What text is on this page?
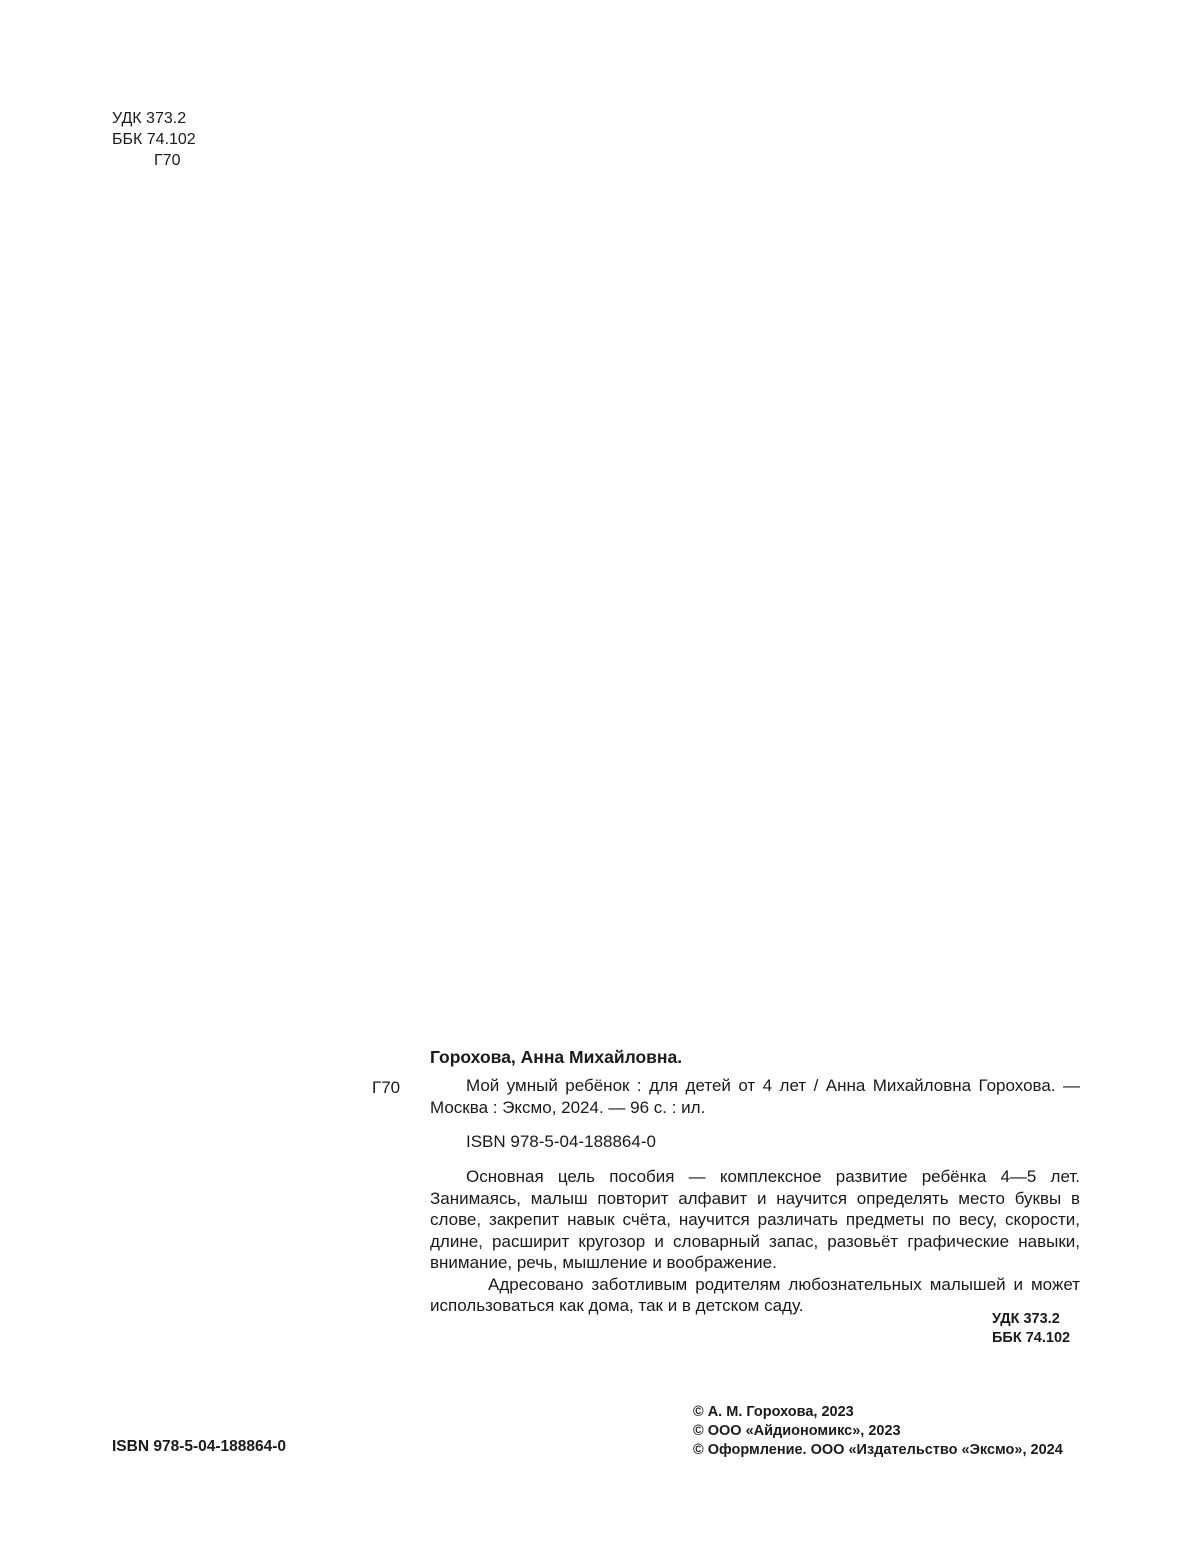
УДК 373.2
ББК 74.102
Г70
Горохова, Анна Михайловна.
Г70	Мой умный ребёнок : для детей от 4 лет / Анна Михайловна Горохова. — Москва : Эксмо, 2024. — 96 с. : ил.
ISBN 978-5-04-188864-0

Основная цель пособия — комплексное развитие ребёнка 4—5 лет. Занимаясь, малыш повторит алфавит и научится определять место буквы в слове, закрепит навык счёта, научится различать предметы по весу, скорости, длине, расширит кругозор и словарный запас, разовьёт графические навыки, внимание, речь, мышление и воображение.

Адресовано заботливым родителям любознательных малышей и может использоваться как дома, так и в детском саду.

УДК 373.2
ББК 74.102
© А. М. Горохова, 2023
© ООО «Айдиономикс», 2023
© Оформление. ООО «Издательство «Эксмо», 2024
ISBN 978-5-04-188864-0
